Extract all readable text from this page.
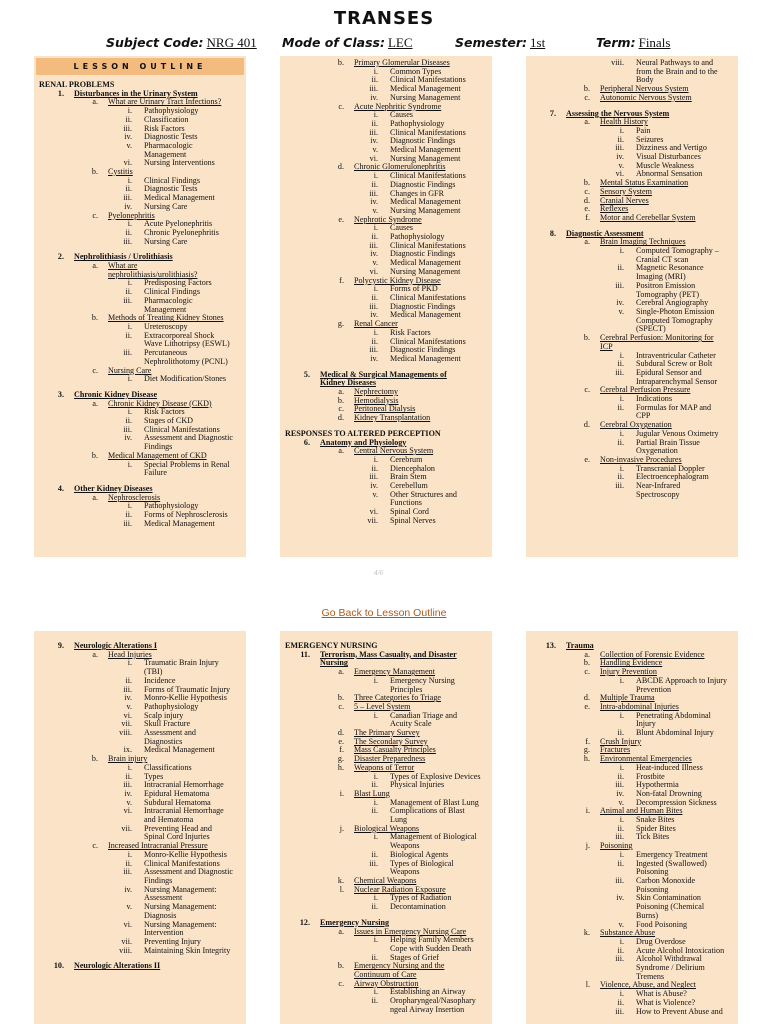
TRANSES
Subject Code: NRG 401 Mode of Class: LEC	Semester: 1st	Term: Finals
LESSON OUTLINE
RENAL PROBLEMS
1. Disturbances in the Urinary System
a. What are Urinary Tract Infections?
i. Pathophysiology
ii. Classification
iii. Risk Factors
iv. Diagnostic Tests
v. Pharmacologic
Management
vi. Nursing Interventions
b. Cystitis
i. Clinical Findings
ii. Diagnostic Tests
iii. Medical Management
iv. Nursing Care
c. Pyelonephritis
i. Acute Pyelonephritis
ii. Chronic Pyelonephritis
iii. Nursing Care
2. Nephrolithiasis / Urolithiasis
a. What are
nephrolithiasis/urolithiasis?
i. Predisposing Factors
ii. Clinical Findings
iii. Pharmacologic
Management
b. Methods of Treating Kidney Stones
i. Ureteroscopy
ii. Extracorporeal Shock
Wave Lithotripsy (ESWL)
iii. Percutaneous
Nephrolithotomy (PCNL)
c. Nursing Care
i. Diet Modification/Stones
3. Chronic Kidney Disease
a. Chronic Kidney Disease (CKD)
i. Risk Factors
ii. Stages of CKD
iii. Clinical Manifestations
iv. Assessment and Diagnostic
Findings
b. Medical Management of CKD
i. Special Problems in Renal
Failure
4. Other Kidney Diseases
a. Nephrosclerosis
i. Pathophysiology
ii. Forms of Nephrosclerosis
iii. Medical Management
b. Primary Glomerular Diseases
i. Common Types
ii. Clinical Manifestations
iii. Medical Management
iv. Nursing Management
c. Acute Nephritic Syndrome
i. Causes
ii. Pathophysiology
iii. Clinical Manifestations
iv. Diagnostic Findings
v. Medical Management
vi. Nursing Management
d. Chronic Glomerulonephritis
i. Clinical Manifestations
ii. Diagnostic Findings
iii. Changes in GFR
iv. Medical Management
v. Nursing Management
e. Nephrotic Syndrome
i. Causes
ii. Pathophysiology
iii. Clinical Manifestations
iv. Diagnostic Findings
v. Medical Management
vi. Nursing Management
f. Polycystic Kidney Disease
i. Forms of PKD
ii. Clinical Manifestations
iii. Diagnostic Findings
iv. Medical Management
g. Renal Cancer
i. Risk Factors
ii. Clinical Manifestations
iii. Diagnostic Findings
iv. Medical Management
5. Medical & Surgical Managements of
Kidney Diseases
a. Nephrectomy
b. Hemodialysis
c. Peritoneal Dialysis
d. Kidney Transplantation
RESPONSES TO ALTERED PERCEPTION
6. Anatomy and Physiology
a. Central Nervous System
i. Cerebrum
ii. Diencephalon
iii. Brain Stem
iv. Cerebellum
v. Other Structures and
Functions
vi. Spinal Cord
vii. Spinal Nerves
viii. Neural Pathways to and
from the Brain and to the
Body
b. Peripheral Nervous System
c. Autonomic Nervous System
7. Assessing the Nervous System
a. Health History
i. Pain
ii. Seizures
iii. Dizziness and Vertigo
iv. Visual Disturbances
v. Muscle Weakness
vi. Abnormal Sensation
b. Mental Status Examination
c. Sensory System
d. Cranial Nerves
e. Reflexes
f. Motor and Cerebellar System
8. Diagnostic Assessment
a. Brain Imaging Techniques
i. Computed Tomography –
Cranial CT scan
ii. Magnetic Resonance
Imaging (MRI)
iii. Positron Emission
Tomography (PET)
iv. Cerebral Angiography
v. Single-Photon Emission
Computed Tomography
(SPECT)
b. Cerebral Perfusion: Monitoring for
ICP
i. Intraventricular Catheter
ii. Subdural Screw or Bolt
iii. Epidural Sensor and
Intraparenchymal Sensor
c. Cerebral Perfusion Pressure
i. Indications
ii. Formulas for MAP and
CPP
d. Cerebral Oxygenation
i. Jugular Venous Oximetry
ii. Partial Brain Tissue
Oxygenation
e. Non-invasive Procedures
i. Transcranial Doppler
ii. Electroencephalogram
iii. Near-Infrared
Spectroscopy
4/6
Go Back to Lesson Outline
9. Neurologic Alterations I
a. Head Injuries
i. Traumatic Brain Injury
(TBI)
ii. Incidence
iii. Forms of Traumatic Injury
iv. Monro-Kellie Hypothesis
v. Pathophysiology
vi. Scalp injury
vii. Skull Fracture
viii. Assessment and
Diagnostics
ix. Medical Management
b. Brain injury
i. Classifications
ii. Types
iii. Intracranial Hemorrhage
iv. Epidural Hematoma
v. Subdural Hematoma
vi. Intracranial Hemorrhage
and Hematoma
vii. Preventing Head and
Spinal Cord Injuries
c. Increased Intracranial Pressure
i. Monro-Kellie Hypothesis
ii. Clinical Manifestations
iii. Assessment and Diagnostic
Findings
iv. Nursing Management:
Assessment
v. Nursing Management:
Diagnosis
vi. Nursing Management:
Intervention
vii. Preventing Injury
viii. Maintaining Skin Integrity
10. Neurologic Alterations II
EMERGENCY NURSING
11. Terrorism, Mass Casualty, and Disaster
Nursing
a. Emergency Management
i. Emergency Nursing
Principles
b. Three Categories fo Triage
c. 5 – Level System
i. Canadian Triage and
Acuity Scale
d. The Primary Survey
e. The Secondary Survey
f. Mass Casualty Principles
g. Disaster Preparedness
h. Weapons of Terror
i. Types of Explosive Devices
ii. Physical Injuries
i. Blast Lung
i. Management of Blast Lung
ii. Complications of Blast
Lung
j. Biological Weapons
i. Management of Biological
Weapons
ii. Biological Agents
iii. Types of Biological
Weapons
k. Chemical Weapons
l. Nuclear Radiation Exposure
i. Types of Radiation
ii. Decontamination
12. Emergency Nursing
a. Issues in Emergency Nursing Care
i. Helping Family Members
Cope with Sudden Death
ii. Stages of Grief
b. Emergency Nursing and the
Continuum of Care
c. Airway Obstruction
i. Establishing an Airway
ii. Oropharyngeal/Nasophary
ngeal Airway Insertion
13. Trauma
a. Collection of Forensic Evidence
b. Handling Evidence
c. Injury Prevention
i. ABCDE Approach to Injury
Prevention
d. Multiple Trauma
e. Intra-abdominal Injuries
i. Penetrating Abdominal
Injury
ii. Blunt Abdominal Injury
f. Crush Injury
g. Fractures
h. Environmental Emergencies
i. Heat-induced Illness
ii. Frostbite
iii. Hypothermia
iv. Non-fatal Drowning
v. Decompression Sickness
i. Animal and Human Bites
i. Snake Bites
ii. Spider Bites
iii. Tick Bites
j. Poisoning
i. Emergency Treatment
ii. Ingested (Swallowed)
Poisoning
iii. Carbon Monoxide
Poisoning
iv. Skin Contamination
Poisoning (Chemical
Burns)
v. Food Poisoning
k. Substance Abuse
i. Drug Overdose
ii. Acute Alcohol Intoxication
iii. Alcohol Withdrawal
Syndrome / Delirium
Tremens
l. Violence, Abuse, and Neglect
i. What is Abuse?
ii. What is Violence?
iii. How to Prevent Abuse and
